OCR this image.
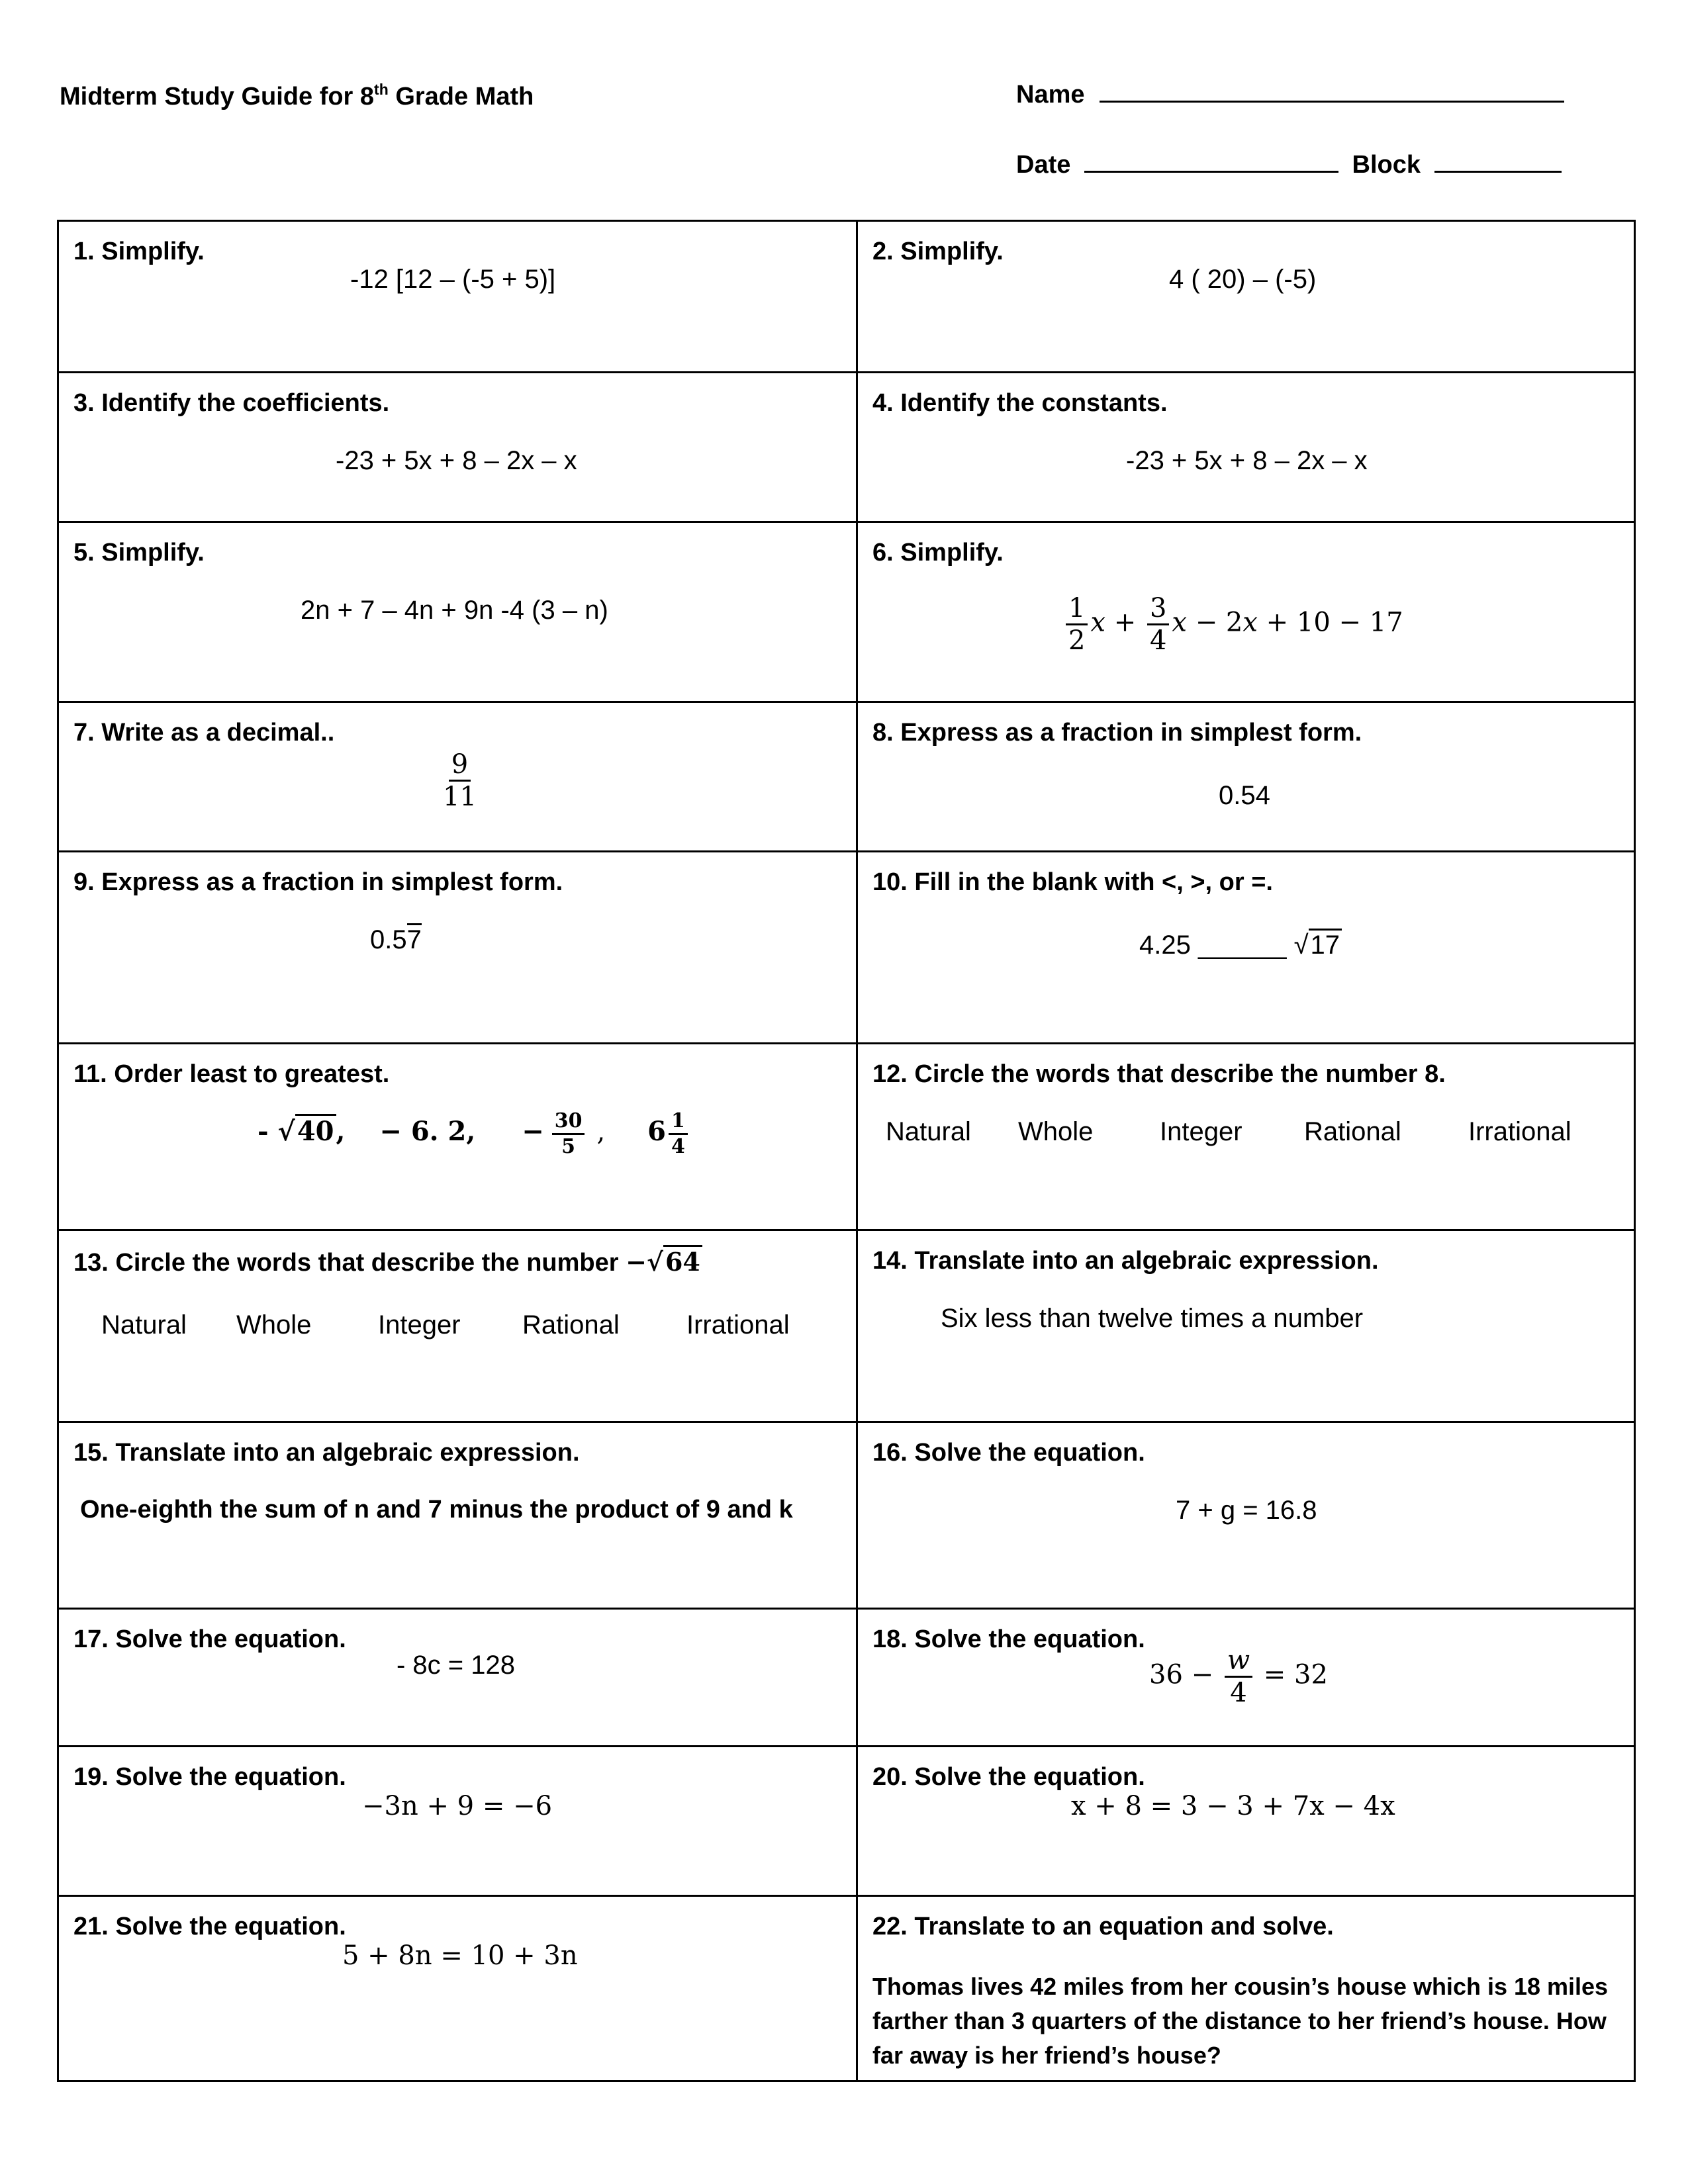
Midterm Study Guide for 8th Grade Math	Name
Date	Block
1. Simplify.
-12 [12 – (-5 + 5)]
2. Simplify.
4 ( 20) – (-5)
3. Identify the coefficients.
-23 + 5x + 8 – 2x – x
4. Identify the constants.
-23 + 5x + 8 – 2x – x
5. Simplify.
2n + 7 – 4n + 9n -4 (3 – n)
6. Simplify.
$\frac{1}{2}$ $x + \frac{3}{4}$ x − 2x + 10 − 17
7. Write as a decimal..
$\frac{9}{11}$
8. Express as a fraction in simplest form.
0.54
9. Express as a fraction in simplest form.
0.57
10. Fill in the blank with <, >, or =.
4.25 ______ √17
11. Order least to greatest.
- √40, − 6. 2, − $\frac{30}{5}$ , $6 \frac{1}{4}$
12. Circle the words that describe the number 8.
Natural Whole	Integer Rational	Irrational
13. Circle the words that describe the number −√64
Natural Whole	Integer Rational	Irrational
14. Translate into an algebraic expression.
Six less than twelve times a number
15. Translate into an algebraic expression.
One-eighth the sum of n and 7 minus the product of 9 and k
16. Solve the equation.
7 + g = 16.8
17. Solve the equation.
- 8c = 128
18. Solve the equation.
$36 - \frac{w}{4} = 32$
19. Solve the equation.
−3n + 9 = −6
20. Solve the equation.
x + 8 = 3 − 3 + 7x − 4x
21. Solve the equation.
5 + 8n = 10 + 3n
22. Translate to an equation and solve.
Thomas lives 42 miles from her cousin’s house which is 18 miles farther than 3 quarters of the distance to her friend’s house. How far away is her friend’s house?
